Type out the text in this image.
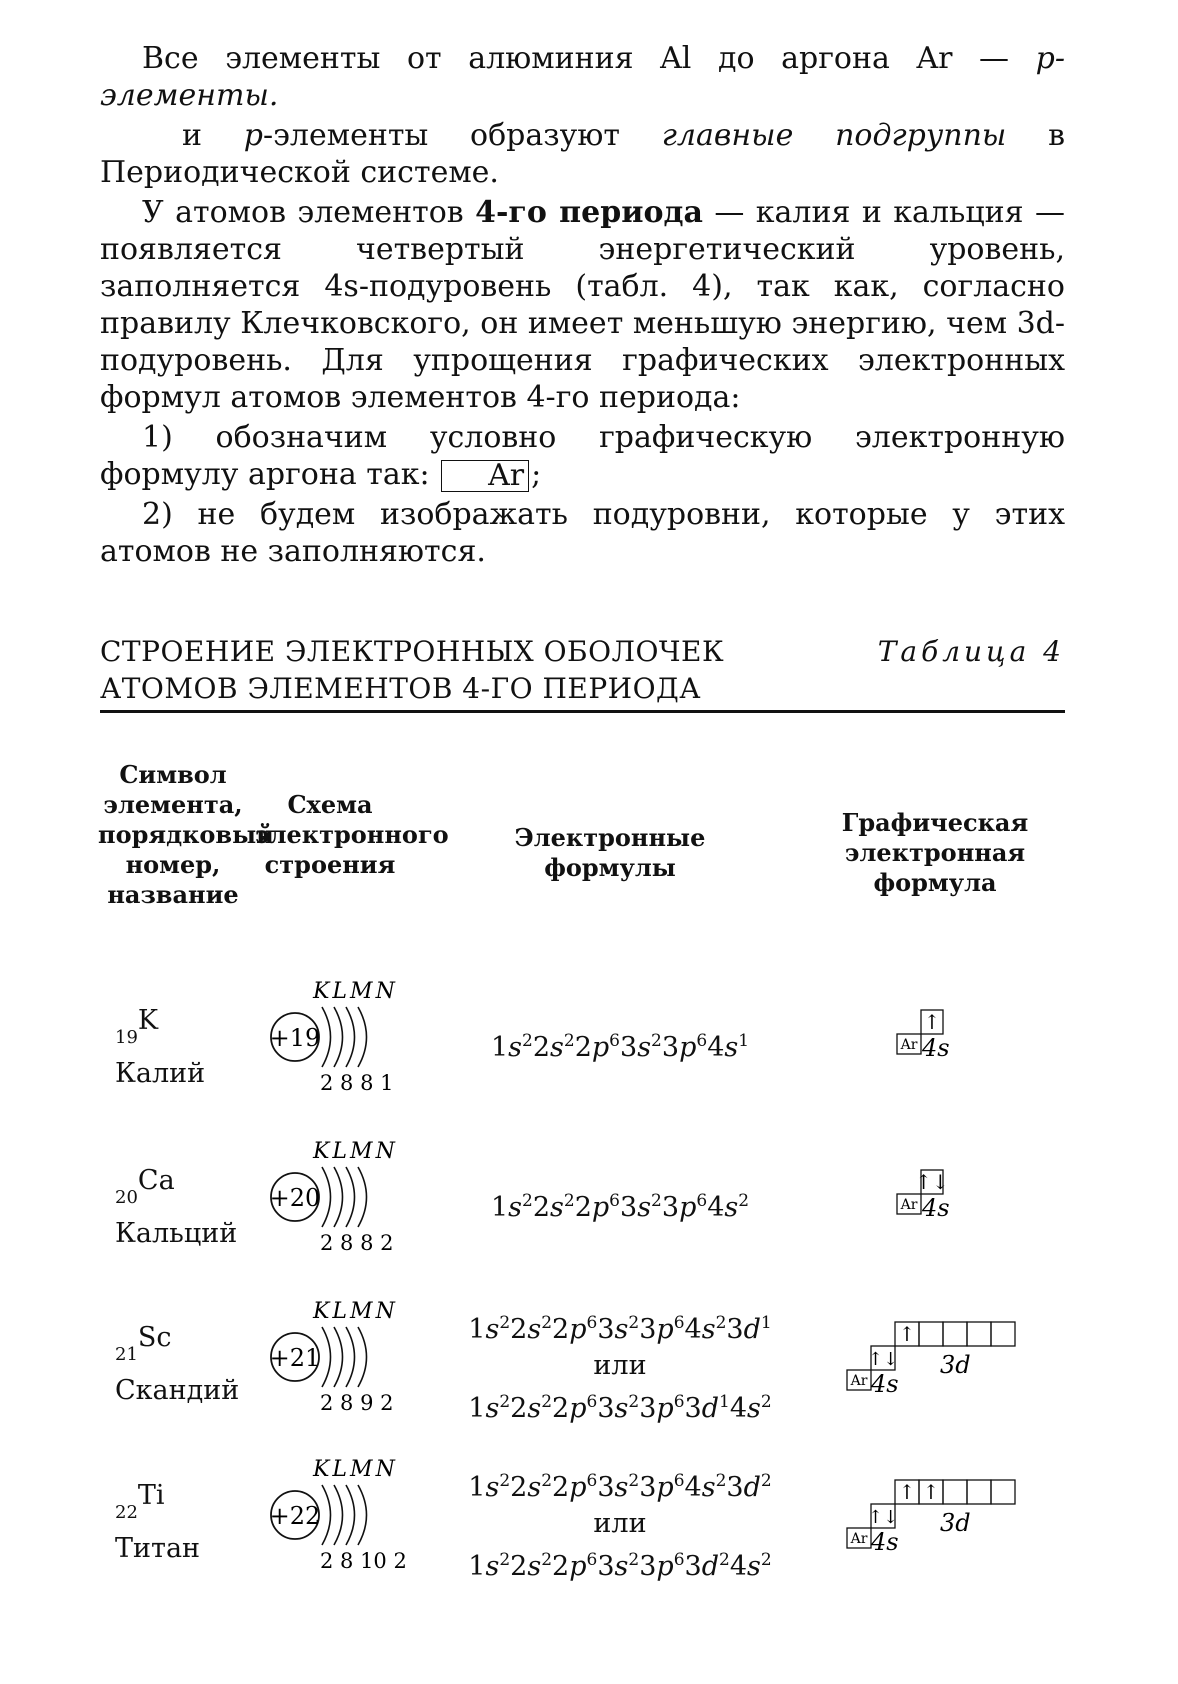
Все элементы от алюминия Al до аргона Ar — p-элементы.

и p-элементы образуют главные подгруппы в Периодической системе.

У атомов элементов 4-го периода — калия и кальция — появляется четвертый энергетический уровень, заполняется 4s-подуровень (табл. 4), так как, согласно правилу Клечковского, он имеет меньшую энергию, чем 3d-подуровень. Для упрощения графических электронных формул атомов элементов 4-го периода:

1) обозначим условно графическую электронную формулу аргона так: Ar ;

2) не будем изображать подуровни, которые у этих атомов не заполняются.

СТРОЕНИЕ ЭЛЕКТРОННЫХ ОБОЛОЧЕК
АТОМОВ ЭЛЕМЕНТОВ 4-ГО ПЕРИОДА
Таблица 4
Символ элемента, порядковый номер, название
Схема электронного строения
Электронные формулы
Графическая электронная формула
$_{19}$K
Калий
$1s^22s^22p^63s^23p^64s^1$
$_{20}$Ca
Кальций
$1s^22s^22p^63s^23p^64s^2$
$_{21}$Sc
Скандий
$1s^22s^22p^63s^23p^64s^23d^1$
или
$1s^22s^22p^63s^23p^63d^14s^2$
$_{22}$Ti
Титан
$1s^22s^22p^63s^23p^64s^23d^2$
или
$1s^22s^22p^63s^23p^63d^24s^2$
KLMN
+19
2 8 8 1
KLMN
+20
2 8 8 2
KLMN
+21
2 8 9 2
KLMN
+22
2 8 10 2
Ar
↑
4s
Ar
↑↓
4s
Ar
↑↓
4s
↑
3d
Ar
↑↓
4s
↑ ↑
3d
